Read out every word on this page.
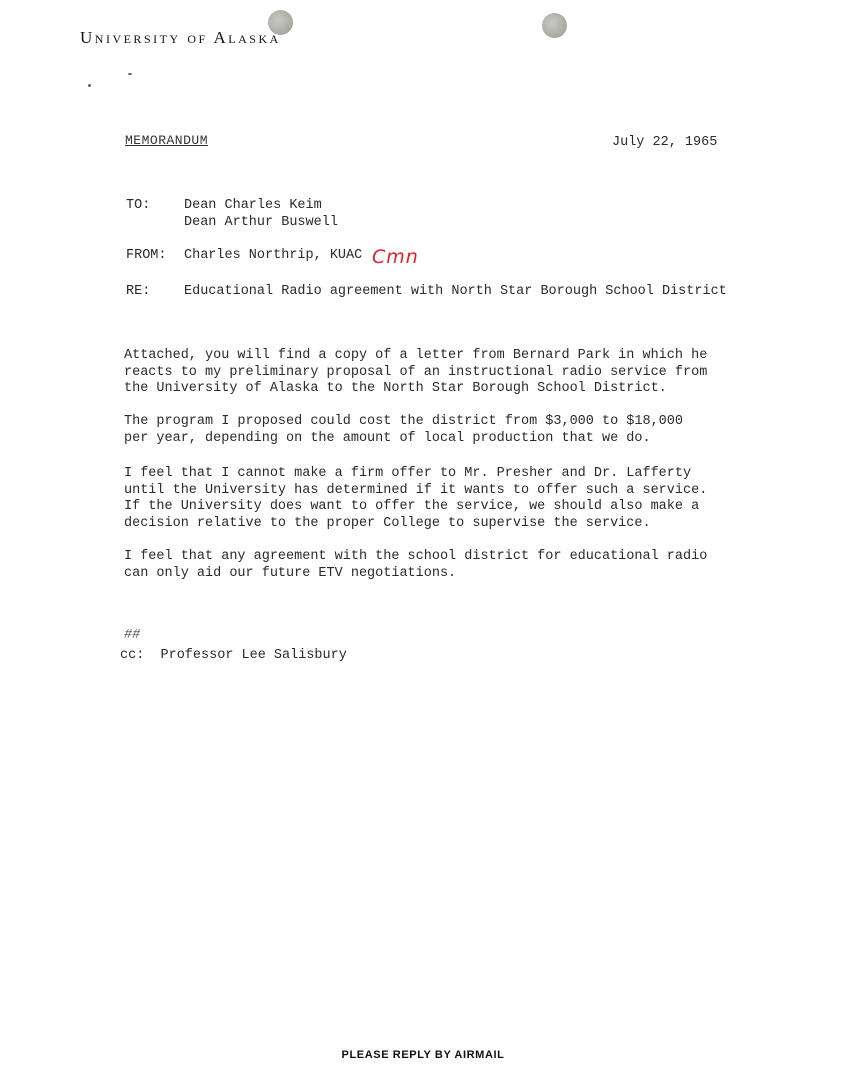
University of Alaska
MEMORANDUM	July 22, 1965
TO: Dean Charles Keim
Dean Arthur Buswell
FROM: Charles Northrip, KUAC Cmn
RE: Educational Radio agreement with North Star Borough School District
Attached, you will find a copy of a letter from Bernard Park in which he
reacts to my preliminary proposal of an instructional radio service from
the University of Alaska to the North Star Borough School District.
The program I proposed could cost the district from $3,000 to $18,000
per year, depending on the amount of local production that we do.
I feel that I cannot make a firm offer to Mr. Presher and Dr. Lafferty
until the University has determined if it wants to offer such a service.
If the University does want to offer the service, we should also make a
decision relative to the proper College to supervise the service.
I feel that any agreement with the school district for educational radio
can only aid our future ETV negotiations.
##
cc:  Professor Lee Salisbury
PLEASE REPLY BY AIRMAIL
